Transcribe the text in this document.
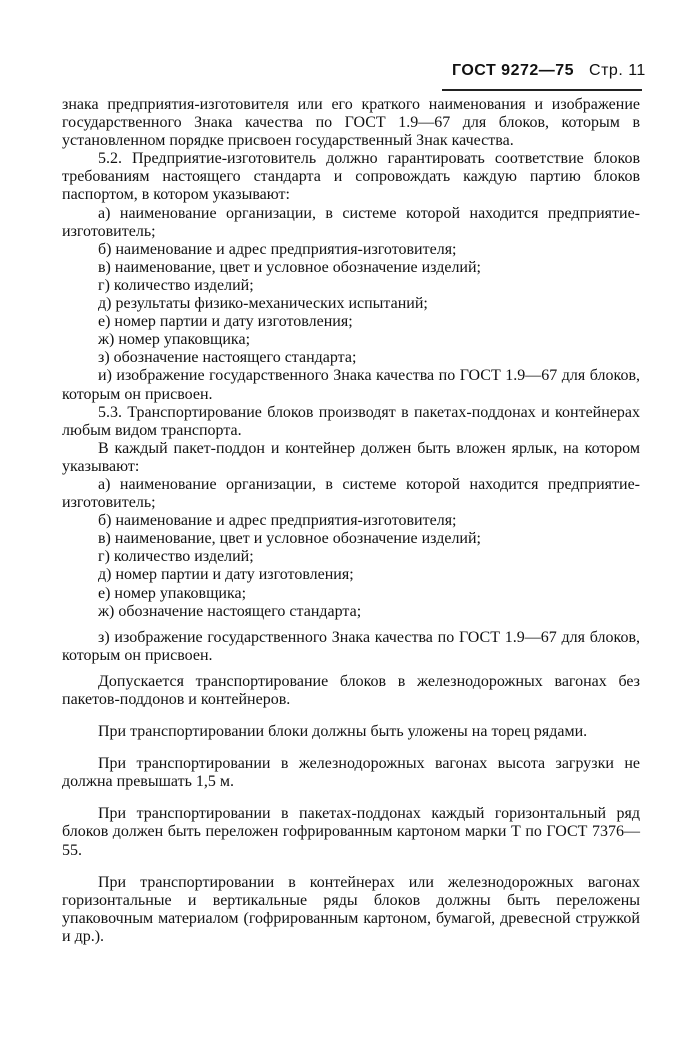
ГОСТ 9272—75 Стр. 11

знака предприятия-изготовителя или его краткого наименования и изображение государственного Знака качества по ГОСТ 1.9—67 для блоков, которым в установленном порядке присвоен государственный Знак качества.

5.2. Предприятие-изготовитель должно гарантировать соответствие блоков требованиям настоящего стандарта и сопровождать каждую партию блоков паспортом, в котором указывают:

а) наименование организации, в системе которой находится предприятие-изготовитель;

б) наименование и адрес предприятия-изготовителя;

в) наименование, цвет и условное обозначение изделий;

г) количество изделий;

д) результаты физико-механических испытаний;

е) номер партии и дату изготовления;

ж) номер упаковщика;

з) обозначение настоящего стандарта;

и) изображение государственного Знака качества по ГОСТ 1.9—67 для блоков, которым он присвоен.

5.3. Транспортирование блоков производят в пакетах-поддонах и контейнерах любым видом транспорта.

В каждый пакет-поддон и контейнер должен быть вложен ярлык, на котором указывают:

а) наименование организации, в системе которой находится предприятие-изготовитель;

б) наименование и адрес предприятия-изготовителя;

в) наименование, цвет и условное обозначение изделий;

г) количество изделий;

д) номер партии и дату изготовления;

е) номер упаковщика;

ж) обозначение настоящего стандарта;

з) изображение государственного Знака качества по ГОСТ 1.9—67 для блоков, которым он присвоен.

Допускается транспортирование блоков в железнодорожных вагонах без пакетов-поддонов и контейнеров.

При транспортировании блоки должны быть уложены на торец рядами.

При транспортировании в железнодорожных вагонах высота загрузки не должна превышать 1,5 м.

При транспортировании в пакетах-поддонах каждый горизонтальный ряд блоков должен быть переложен гофрированным картоном марки Т по ГОСТ 7376—55.

При транспортировании в контейнерах или железнодорожных вагонах горизонтальные и вертикальные ряды блоков должны быть переложены упаковочным материалом (гофрированным картоном, бумагой, древесной стружкой и др.).
